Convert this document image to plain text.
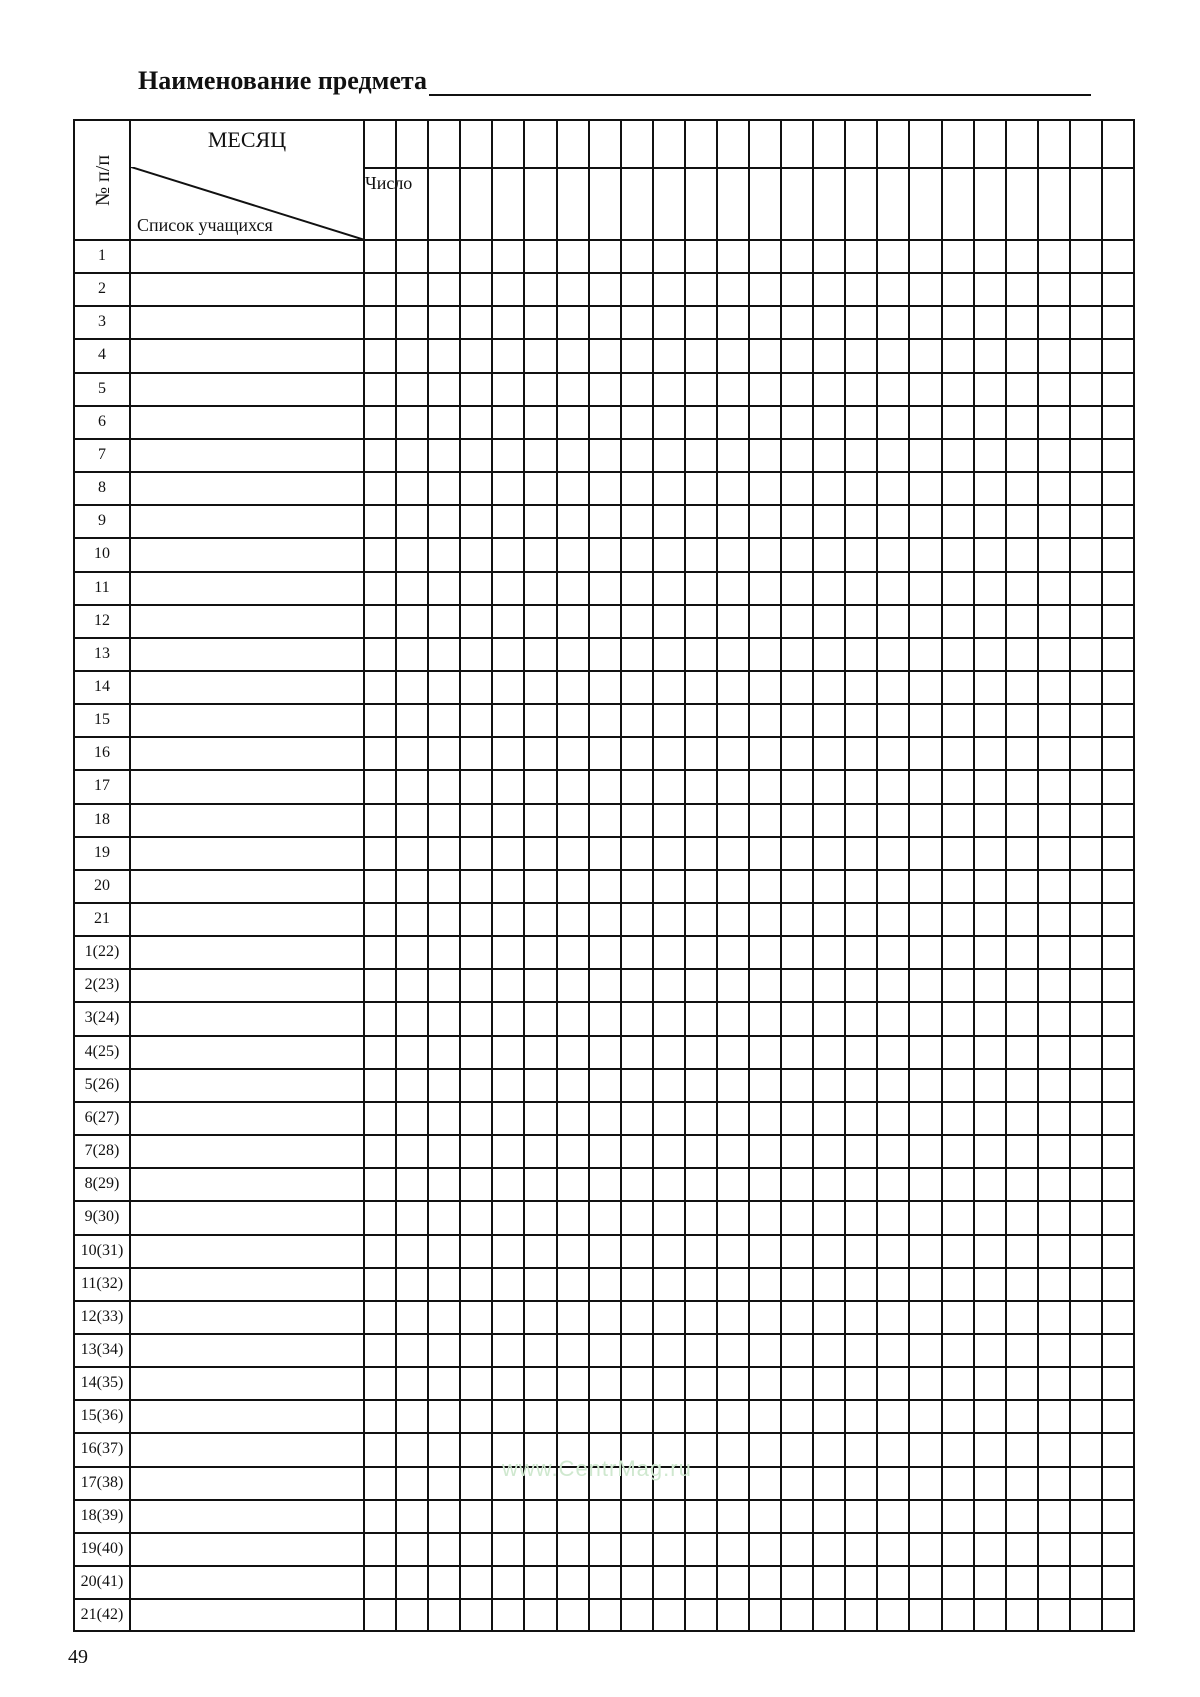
Наименование предмета
№ п/п
МЕСЯЦ
Число
Список учащихся
1
2
3
4
5
6
7
8
9
10
11
12
13
14
15
16
17
18
19
20
21
1(22)
2(23)
3(24)
4(25)
5(26)
6(27)
7(28)
8(29)
9(30)
10(31)
11(32)
12(33)
13(34)
14(35)
15(36)
16(37)
17(38)
18(39)
19(40)
20(41)
21(42)
www.CentrMag.ru
49
